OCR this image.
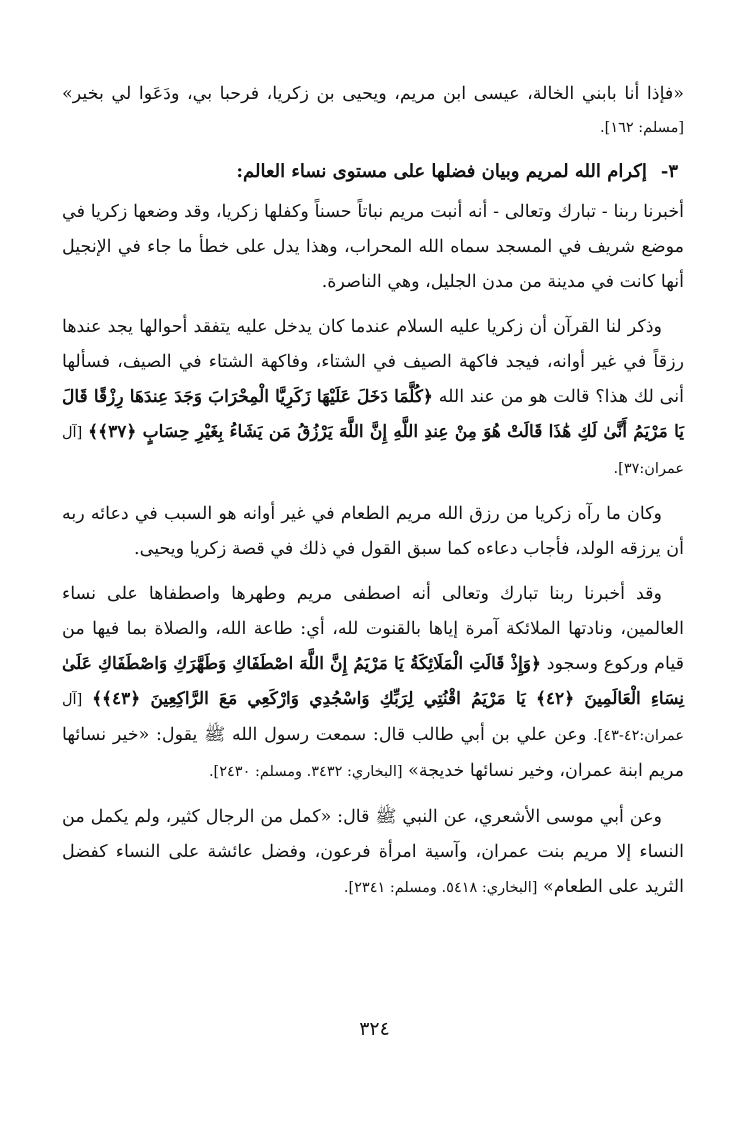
«فإذا أنا بابني الخالة، عيسى ابن مريم، ويحيى بن زكريا، فرحبا بي، ودَعَوا لي بخير» [مسلم: ١٦٢].

٣-إكرام الله لمريم وبيان فضلها على مستوى نساء العالم:

أخبرنا ربنا - تبارك وتعالى - أنه أنبت مريم نباتاً حسناً وكفلها زكريا، وقد وضعها زكريا في موضع شريف في المسجد سماه الله المحراب، وهذا يدل على خطأ ما جاء في الإنجيل أنها كانت في مدينة من مدن الجليل، وهي الناصرة.

وذكر لنا القرآن أن زكريا عليه السلام عندما كان يدخل عليه يتفقد أحوالها يجد عندها رزقاً في غير أوانه، فيجد فاكهة الصيف في الشتاء، وفاكهة الشتاء في الصيف، فسألها أنى لك هذا؟ قالت هو من عند الله ﴿كُلَّمَا دَخَلَ عَلَيْهَا زَكَرِيَّا الْمِحْرَابَ وَجَدَ عِندَهَا رِزْقًا قَالَ يَا مَرْيَمُ أَنَّىٰ لَكِ هَٰذَا قَالَتْ هُوَ مِنْ عِندِ اللَّهِ إِنَّ اللَّهَ يَرْزُقُ مَن يَشَاءُ بِغَيْرِ حِسَابٍ ﴿٣٧﴾﴾ [آل عمران:٣٧].

وكان ما رآه زكريا من رزق الله مريم الطعام في غير أوانه هو السبب في دعائه ربه أن يرزقه الولد، فأجاب دعاءه كما سبق القول في ذلك في قصة زكريا ويحيى.

وقد أخبرنا ربنا تبارك وتعالى أنه اصطفى مريم وطهرها واصطفاها على نساء العالمين، ونادتها الملائكة آمرة إياها بالقنوت لله، أي: طاعة الله، والصلاة بما فيها من قيام وركوع وسجود ﴿وَإِذْ قَالَتِ الْمَلَائِكَةُ يَا مَرْيَمُ إِنَّ اللَّهَ اصْطَفَاكِ وَطَهَّرَكِ وَاصْطَفَاكِ عَلَىٰ نِسَاءِ الْعَالَمِينَ ﴿٤٢﴾ يَا مَرْيَمُ اقْنُتِي لِرَبِّكِ وَاسْجُدِي وَارْكَعِي مَعَ الرَّاكِعِينَ ﴿٤٣﴾﴾ [آل عمران:٤٢-٤٣]. وعن علي بن أبي طالب قال: سمعت رسول الله ﷺ يقول: «خير نسائها مريم ابنة عمران، وخير نسائها خديجة» [البخاري: ٣٤٣٢. ومسلم: ٢٤٣٠].

وعن أبي موسى الأشعري، عن النبي ﷺ قال: «كمل من الرجال كثير، ولم يكمل من النساء إلا مريم بنت عمران، وآسية امرأة فرعون، وفضل عائشة على النساء كفضل الثريد على الطعام» [البخاري: ٥٤١٨. ومسلم: ٢٣٤١].

٣٢٤
